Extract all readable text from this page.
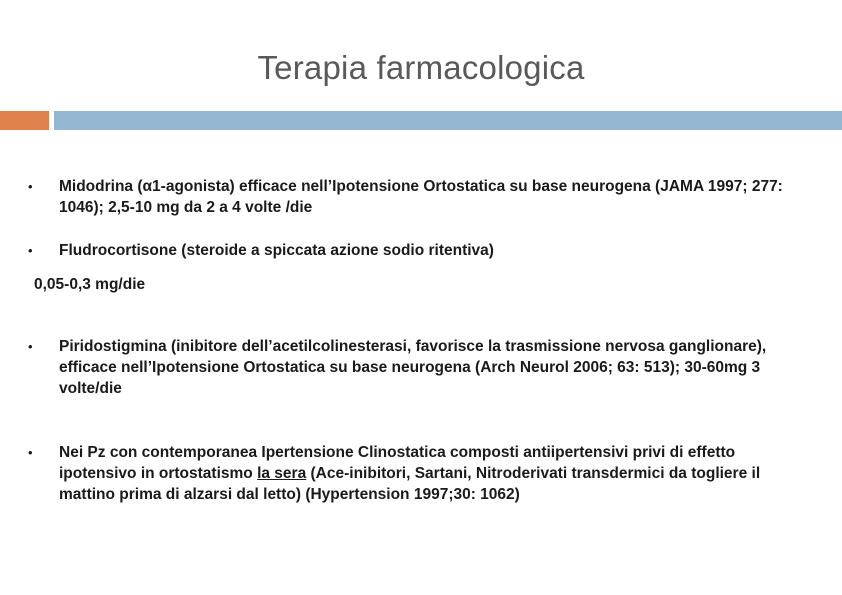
Terapia farmacologica
• Midodrina (α1-agonista) efficace nell’Ipotensione Ortostatica su base neurogena (JAMA 1997; 277: 1046); 2,5-10 mg da 2 a 4 volte /die
• Fludrocortisone (steroide a spiccata azione sodio ritentiva)
0,05-0,3 mg/die
• Piridostigmina (inibitore dell’acetilcolinesterasi, favorisce la trasmissione nervosa ganglionare), efficace nell’Ipotensione Ortostatica su base neurogena (Arch Neurol 2006; 63: 513); 30-60mg 3 volte/die
• Nei Pz con contemporanea Ipertensione Clinostatica composti antiipertensivi privi di effetto ipotensivo in ortostatismo la sera (Ace-inibitori, Sartani, Nitroderivati transdermici da togliere il mattino prima di alzarsi dal letto) (Hypertension 1997;30: 1062)
